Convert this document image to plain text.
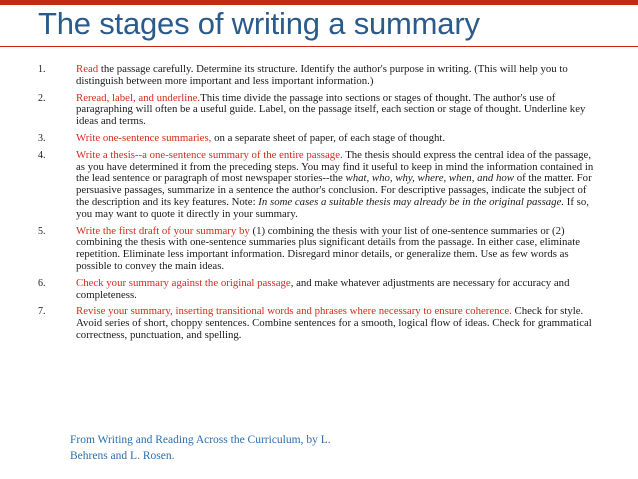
The stages of writing a summary
1.	Read the passage carefully. Determine its structure. Identify the author's purpose in writing. (This will help you to distinguish between more important and less important information.)
2.	Reread, label, and underline.This time divide the passage into sections or stages of thought. The author's use of paragraphing will often be a useful guide. Label, on the passage itself, each section or stage of thought. Underline key ideas and terms.
3.	Write one-sentence summaries, on a separate sheet of paper, of each stage of thought.
4.	Write a thesis--a one-sentence summary of the entire passage. The thesis should express the central idea of the passage, as you have determined it from the preceding steps. You may find it useful to keep in mind the information contained in the lead sentence or paragraph of most newspaper stories--the what, who, why, where, when, and how of the matter. For persuasive passages, summarize in a sentence the author's conclusion. For descriptive passages, indicate the subject of the description and its key features. Note: In some cases a suitable thesis may already be in the original passage. If so, you may want to quote it directly in your summary.
5.	Write the first draft of your summary by (1) combining the thesis with your list of one-sentence summaries or (2) combining the thesis with one-sentence summaries plus significant details from the passage. In either case, eliminate repetition. Eliminate less important information. Disregard minor details, or generalize them. Use as few words as possible to convey the main ideas.
6.	Check your summary against the original passage, and make whatever adjustments are necessary for accuracy and completeness.
7.	Revise your summary, inserting transitional words and phrases where necessary to ensure coherence. Check for style. Avoid series of short, choppy sentences. Combine sentences for a smooth, logical flow of ideas. Check for grammatical correctness, punctuation, and spelling.
From Writing and Reading Across the Curriculum, by L.
Behrens and L. Rosen.
